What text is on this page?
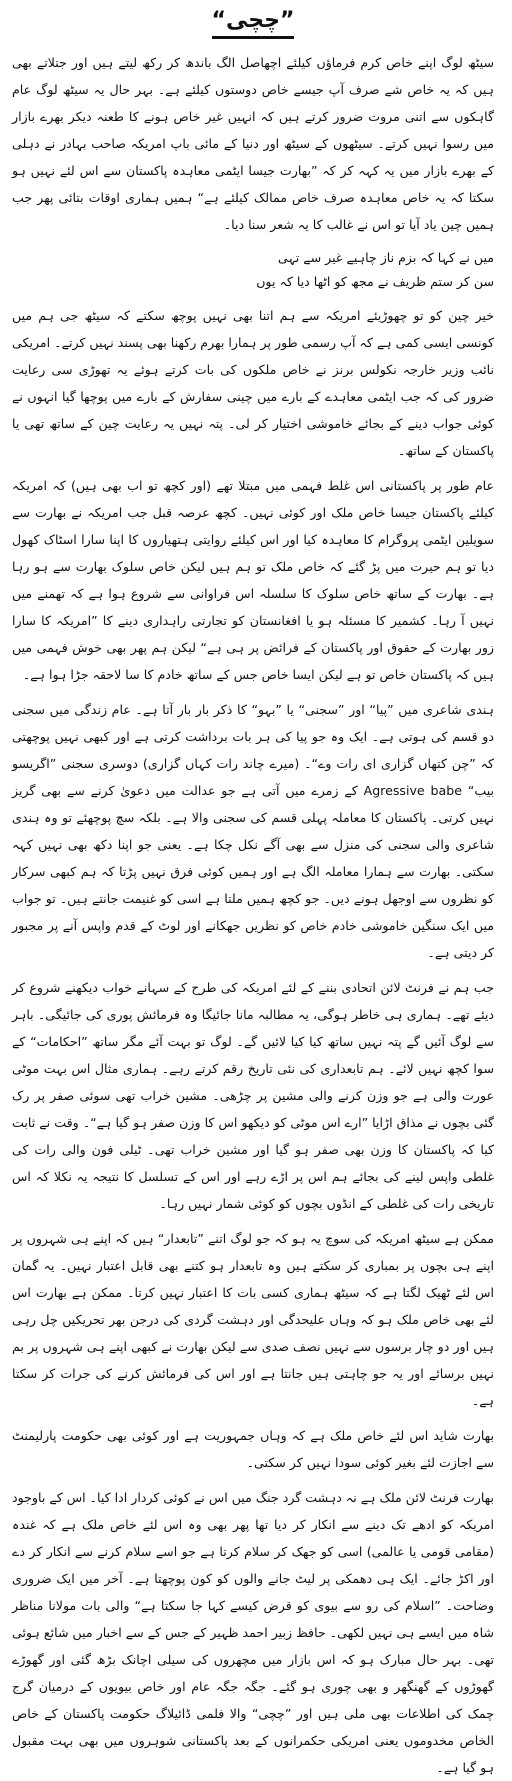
”چچی“

سیٹھ لوگ اپنے خاص کرم فرماؤں کیلئے اچھاصل الگ باندھ کر رکھ لیتے ہیں اور جتلاتے بھی ہیں کہ یہ خاص شے صرف آپ جیسے خاص دوستوں کیلئے ہے۔ بہر حال یہ سیٹھ لوگ عام گاہکوں سے اتنی مروت ضرور کرتے ہیں کہ انہیں غیر خاص ہونے کا طعنہ دیکر بھرے بازار میں رسوا نہیں کرتے۔ سیٹھوں کے سیٹھ اور دنیا کے مائی باپ امریکہ صاحب بہادر نے دہلی کے بھرے بازار میں یہ کہہ کر کہ ”بھارت جیسا ایٹمی معاہدہ پاکستان سے اس لئے نہیں ہو سکتا کہ یہ خاص معاہدہ صرف خاص ممالک کیلئے ہے“ ہمیں ہماری اوقات بتائی پھر جب ہمیں چین یاد آیا تو اس نے غالب کا یہ شعر سنا دیا۔

میں نے کہا کہ بزم ناز چاہیے غیر سے تہی
سن کر ستم ظریف نے مجھ کو اٹھا دیا کہ یوں

خیر چین کو تو چھوڑیئے امریکہ سے ہم اتنا بھی نہیں پوچھ سکتے کہ سیٹھ جی ہم میں کونسی ایسی کمی ہے کہ آپ رسمی طور پر ہمارا بھرم رکھنا بھی پسند نہیں کرتے۔ امریکی نائب وزیر خارجہ نکولس برنز نے خاص ملکوں کی بات کرتے ہوئے یہ تھوڑی سی رعایت ضرور کی کہ جب ایٹمی معاہدے کے بارے میں چینی سفارش کے بارے میں پوچھا گیا انہوں نے کوئی جواب دینے کے بجائے خاموشی اختیار کر لی۔ پتہ نہیں یہ رعایت چین کے ساتھ تھی یا پاکستان کے ساتھ۔

عام طور پر پاکستانی اس غلط فہمی میں مبتلا تھے (اور کچھ تو اب بھی ہیں) کہ امریکہ کیلئے پاکستان جیسا خاص ملک اور کوئی نہیں۔ کچھ عرصہ قبل جب امریکہ نے بھارت سے سویلین ایٹمی پروگرام کا معاہدہ کیا اور اس کیلئے روایتی ہتھیاروں کا اپنا سارا اسٹاک کھول دیا تو ہم حیرت میں پڑ گئے کہ خاص ملک تو ہم ہیں لیکن خاص سلوک بھارت سے ہو رہا ہے۔ بھارت کے ساتھ خاص سلوک کا سلسلہ اس فراوانی سے شروع ہوا ہے کہ تھمنے میں نہیں آ رہا۔ کشمیر کا مسئلہ ہو یا افغانستان کو تجارتی راہداری دینے کا ”امریکہ کا سارا زور بھارت کے حقوق اور پاکستان کے فرائض پر ہی ہے“ لیکن ہم پھر بھی خوش فہمی میں ہیں کہ پاکستان خاص تو ہے لیکن ایسا خاص جس کے ساتھ خادم کا سا لاحقہ جڑا ہوا ہے۔

ہندی شاعری میں ”پیا“ اور ”سجنی“ یا ”بہو“ کا ذکر بار بار آتا ہے۔ عام زندگی میں سجنی دو قسم کی ہوتی ہے۔ ایک وہ جو پیا کی ہر بات برداشت کرتی ہے اور کبھی نہیں پوچھتی کہ ”چن کتھاں گزاری ای رات وے“۔ (میرے چاند رات کہاں گزاری) دوسری سجنی ”اگریسو بیب“ Agressive babe کے زمرے میں آتی ہے جو عدالت میں دعویٰ کرنے سے بھی گریز نہیں کرتی۔ پاکستان کا معاملہ پہلی قسم کی سجنی والا ہے۔ بلکہ سچ پوچھئے تو وہ ہندی شاعری والی سجنی کی منزل سے بھی آگے نکل چکا ہے۔ یعنی جو اپنا دکھ بھی نہیں کہہ سکتی۔ بھارت سے ہمارا معاملہ الگ ہے اور ہمیں کوئی فرق نہیں پڑتا کہ ہم کبھی سرکار کو نظروں سے اوجھل ہونے دیں۔ جو کچھ ہمیں ملتا ہے اسی کو غنیمت جانتے ہیں۔ تو جواب میں ایک سنگین خاموشی خادم خاص کو نظریں جھکانے اور لوٹ کے قدم واپس آنے پر مجبور کر دیتی ہے۔

جب ہم نے فرنٹ لائن اتحادی بننے کے لئے امریکہ کی طرح کے سہانے خواب دیکھنے شروع کر دیئے تھے۔ ہماری ہی خاطر ہوگی، یہ مطالبہ مانا جائیگا وہ فرمائش پوری کی جائیگی۔ باہر سے لوگ آئیں گے پتہ نہیں ساتھ کیا کیا لائیں گے۔ لوگ تو بہت آئے مگر ساتھ ”احکامات“ کے سوا کچھ نہیں لائے۔ ہم تابعداری کی نئی تاریخ رقم کرتے رہے۔ ہماری مثال اس بہت موٹی عورت والی ہے جو وزن کرنے والی مشین پر چڑھی۔ مشین خراب تھی سوئی صفر پر رک گئی بچوں نے مذاق اڑایا ”ارے اس موٹی کو دیکھو اس کا وزن صفر ہو گیا ہے“۔ وقت نے ثابت کیا کہ پاکستان کا وزن بھی صفر ہو گیا اور مشین خراب تھی۔ ٹیلی فون والی رات کی غلطی واپس لینے کی بجائے ہم اس پر اڑے رہے اور اس کے تسلسل کا نتیجہ یہ نکلا کہ اس تاریخی رات کی غلطی کے انڈوں بچوں کو کوئی شمار نہیں رہا۔

ممکن ہے سیٹھ امریکہ کی سوچ یہ ہو کہ جو لوگ اتنے ”تابعدار“ ہیں کہ اپنے ہی شہروں پر اپنے ہی بچوں پر بمباری کر سکتے ہیں وہ تابعدار ہو کتنے بھی قابل اعتبار نہیں۔ یہ گمان اس لئے ٹھیک لگتا ہے کہ سیٹھ ہماری کسی بات کا اعتبار نہیں کرتا۔ ممکن ہے بھارت اس لئے بھی خاص ملک ہو کہ وہاں علیحدگی اور دہشت گردی کی درجن بھر تحریکیں چل رہی ہیں اور دو چار برسوں سے نہیں نصف صدی سے لیکن بھارت نے کبھی اپنے ہی شہروں پر بم نہیں برسائے اور یہ جو چاہتی ہیں جانتا ہے اور اس کی فرمائش کرنے کی جرات کر سکتا ہے۔

بھارت شاید اس لئے خاص ملک ہے کہ وہاں جمہوریت ہے اور کوئی بھی حکومت پارلیمنٹ سے اجازت لئے بغیر کوئی سودا نہیں کر سکتی۔

بھارت فرنٹ لائن ملک ہے نہ دہشت گرد جنگ میں اس نے کوئی کردار ادا کیا۔ اس کے باوجود امریکہ کو ادھے تک دینے سے انکار کر دیا تھا پھر بھی وہ اس لئے خاص ملک ہے کہ غندہ (مقامی قومی یا عالمی) اسی کو جھک کر سلام کرتا ہے جو اسے سلام کرنے سے انکار کر دے اور اکڑ جائے۔ ایک ہی دھمکی پر لیٹ جانے والوں کو کون پوچھتا ہے۔ آخر میں ایک ضروری وضاحت۔ ”اسلام کی رو سے بیوی کو قرض کیسے کہا جا سکتا ہے“ والی بات مولانا مناظر شاہ میں ایسے ہی نہیں لکھی۔ حافظ زبیر احمد ظہیر کے جس کے سے اخبار میں شائع ہوئی تھی۔ بہر حال مبارک ہو کہ اس بازار میں مچھروں کی سیلی اچانک بڑھ گئی اور گھوڑے گھوڑوں کے گھنگھر و بھی چوری ہو گئے۔ جگہ جگہ عام اور خاص بیویوں کے درمیان گرج چمک کی اطلاعات بھی ملی ہیں اور ”چچی“ والا فلمی ڈائیلاگ حکومت پاکستان کے خاص الخاص مخدوموں یعنی امریکی حکمرانوں کے بعد پاکستانی شوہروں میں بھی بہت مقبول ہو گیا ہے۔
